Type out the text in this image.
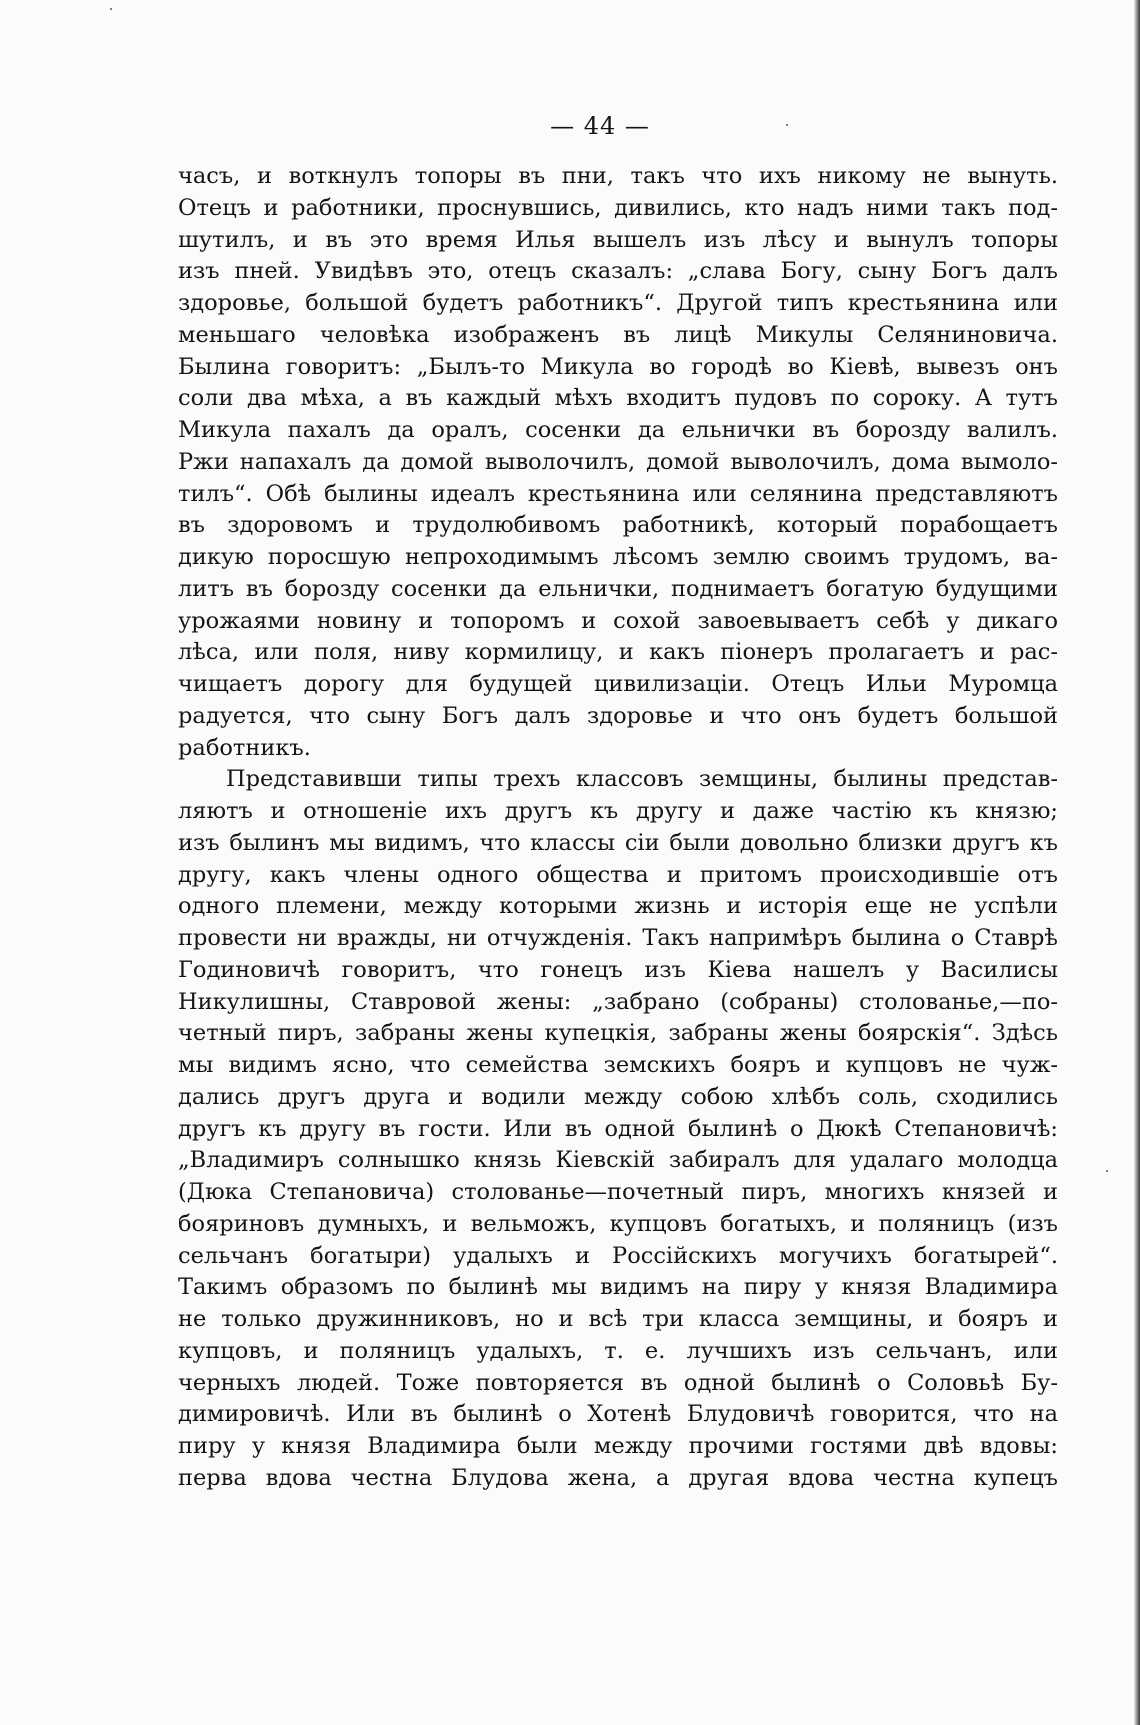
— 44 —
часъ, и воткнулъ топоры въ пни, такъ что ихъ никому не вынуть.
Отецъ и работники, проснувшись, дивились, кто надъ ними такъ под-
шутилъ, и въ это время Илья вышелъ изъ лѣсу и вынулъ топоры
изъ пней. Увидѣвъ это, отецъ сказалъ: „слава Богу, сыну Богъ далъ
здоровье, большой будетъ работникъ“. Другой типъ крестьянина или
меньшаго человѣка изображенъ въ лицѣ Микулы Селяниновича.
Былина говоритъ: „Былъ-то Микула во городѣ во Кiевѣ, вывезъ онъ
соли два мѣха, а въ каждый мѣхъ входитъ пудовъ по сороку. А тутъ
Микула пахалъ да оралъ, сосенки да ельнички въ борозду валилъ.
Ржи напахалъ да домой выволочилъ, домой выволочилъ, дома вымоло-
тилъ“. Обѣ былины идеалъ крестьянина или селянина представляютъ
въ здоровомъ и трудолюбивомъ работникѣ, который порабощаетъ
дикую поросшую непроходимымъ лѣсомъ землю своимъ трудомъ, ва-
литъ въ борозду сосенки да ельнички, поднимаетъ богатую будущими
урожаями новину и топоромъ и сохой завоевываетъ себѣ у дикаго
лѣса, или поля, ниву кормилицу, и какъ пiонеръ пролагаетъ и рас-
чищаетъ дорогу для будущей цивилизацiи. Отецъ Ильи Муромца
радуется, что сыну Богъ далъ здоровье и что онъ будетъ большой
работникъ.
Представивши типы трехъ классовъ земщины, былины представ-
ляютъ и отношенiе ихъ другъ къ другу и даже частiю къ князю;
изъ былинъ мы видимъ, что классы сiи были довольно близки другъ къ
другу, какъ члены одного общества и притомъ происходившiе отъ
одного племени, между которыми жизнь и исторiя еще не успѣли
провести ни вражды, ни отчужденiя. Такъ напримѣръ былина о Ставрѣ
Годиновичѣ говоритъ, что гонецъ изъ Кiева нашелъ у Василисы
Никулишны, Ставровой жены: „забрано (собраны) столованье,—по-
четный пиръ, забраны жены купецкiя, забраны жены боярскiя“. Здѣсь
мы видимъ ясно, что семейства земскихъ бояръ и купцовъ не чуж-
дались другъ друга и водили между собою хлѣбъ соль, сходились
другъ къ другу въ гости. Или въ одной былинѣ о Дюкѣ Степановичѣ:
„Владимиръ солнышко князь Кiевскiй забиралъ для удалаго молодца
(Дюка Степановича) столованье—почетный пиръ, многихъ князей и
бояриновъ думныхъ, и вельможъ, купцовъ богатыхъ, и поляницъ (изъ
сельчанъ богатыри) удалыхъ и Россiйскихъ могучихъ богатырей“.
Такимъ образомъ по былинѣ мы видимъ на пиру у князя Владимира
не только дружинниковъ, но и всѣ три класса земщины, и бояръ и
купцовъ, и поляницъ удалыхъ, т. е. лучшихъ изъ сельчанъ, или
черныхъ людей. Тоже повторяется въ одной былинѣ о Соловьѣ Бу-
димировичѣ. Или въ былинѣ о Хотенѣ Блудовичѣ говорится, что на
пиру у князя Владимира были между прочими гостями двѣ вдовы:
перва вдова честна Блудова жена, а другая вдова честна купецъ
